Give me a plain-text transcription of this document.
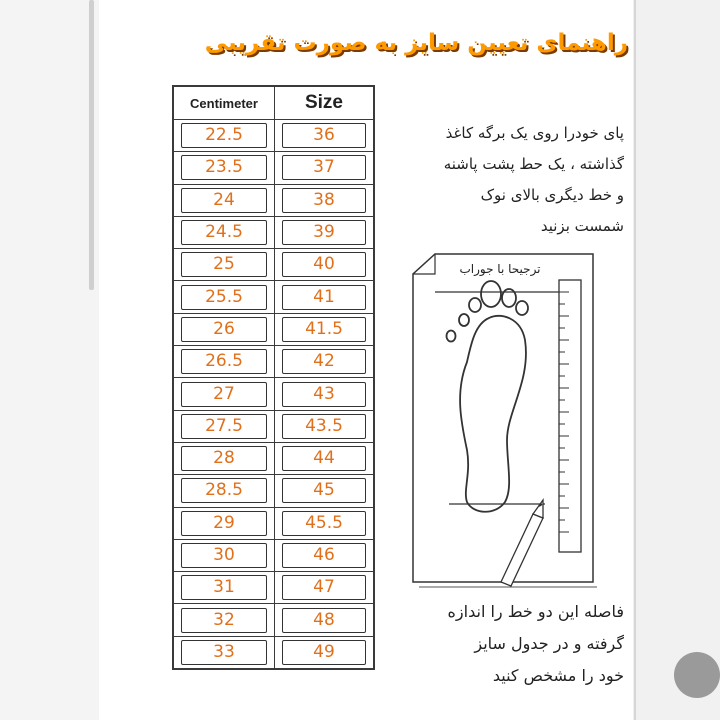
راهنمای تعیین سایز به صورت تقریبی
Centimeter	Size
22.5	36
23.5	37
24	38
24.5	39
25	40
25.5	41
26	41.5
26.5	42
27	43
27.5	43.5
28	44
28.5	45
29	45.5
30	46
31	47
32	48
33	49
پای خودرا روی یک برگه کاغذ
گذاشته ، یک حط پشت پاشنه
و خط دیگری بالای نوک
شمست بزنید
ترجیحا با جوراب
فاصله این دو خط را اندازه
گرفته و در جدول سایز
خود را مشخص کنید
